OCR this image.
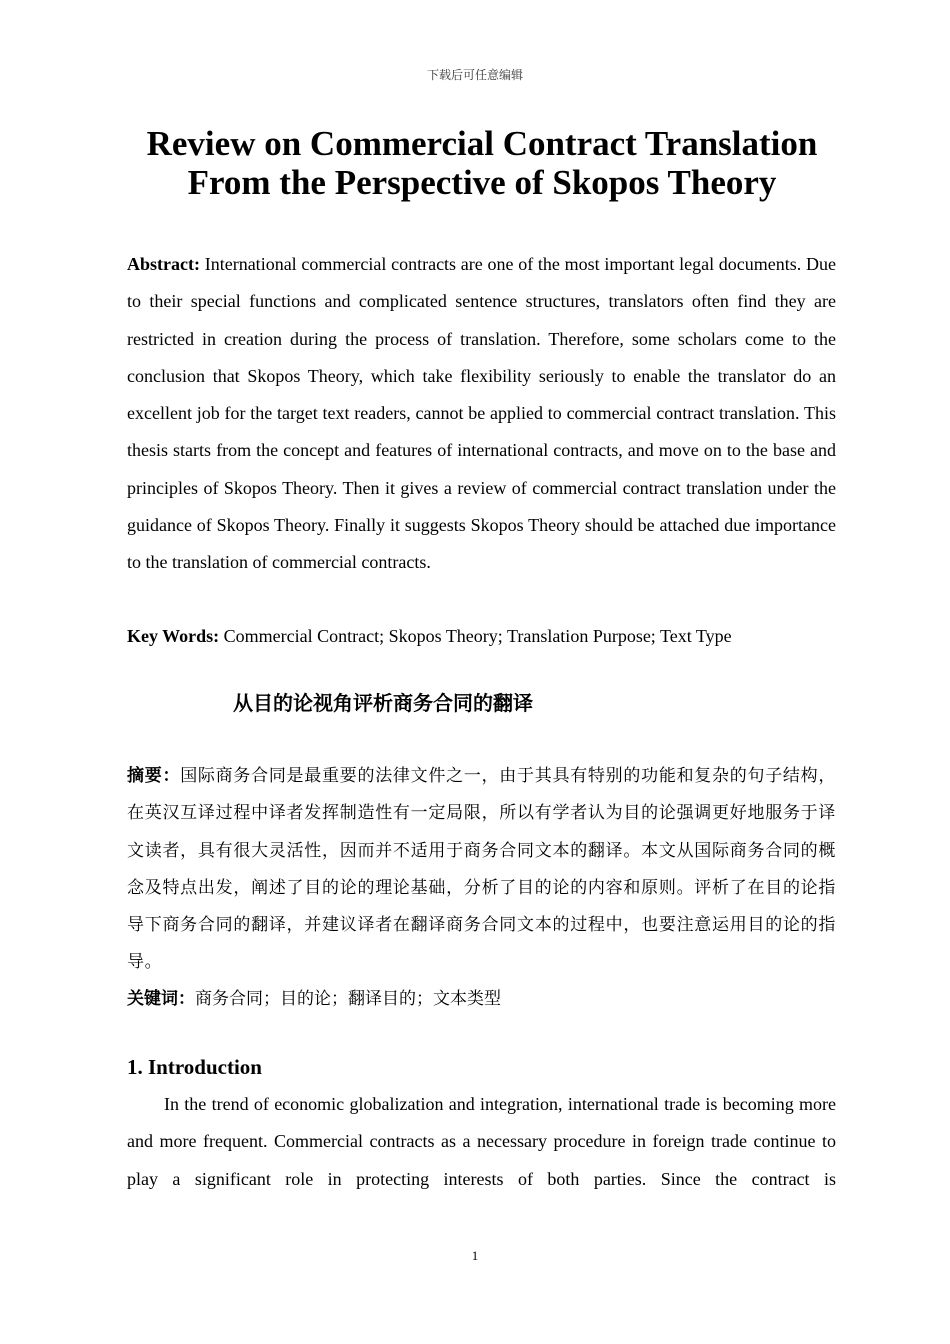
下载后可任意编辑
Review on Commercial Contract Translation
From the Perspective of Skopos Theory
Abstract: International commercial contracts are one of the most important legal documents. Due to their special functions and complicated sentence structures, translators often find they are restricted in creation during the process of translation. Therefore, some scholars come to the conclusion that Skopos Theory, which take flexibility seriously to enable the translator do an excellent job for the target text readers, cannot be applied to commercial contract translation. This thesis starts from the concept and features of international contracts, and move on to the base and principles of Skopos Theory. Then it gives a review of commercial contract translation under the guidance of Skopos Theory. Finally it suggests Skopos Theory should be attached due importance to the translation of commercial contracts.
Key Words: Commercial Contract; Skopos Theory; Translation Purpose; Text Type
从目的论视角评析商务合同的翻译
摘要：国际商务合同是最重要的法律文件之一，由于其具有特别的功能和复杂的句子结构，在英汉互译过程中译者发挥制造性有一定局限，所以有学者认为目的论强调更好地服务于译文读者，具有很大灵活性，因而并不适用于商务合同文本的翻译。本文从国际商务合同的概念及特点出发，阐述了目的论的理论基础，分析了目的论的内容和原则。评析了在目的论指导下商务合同的翻译，并建议译者在翻译商务合同文本的过程中，也要注意运用目的论的指导。
关键词：商务合同；目的论；翻译目的；文本类型
1. Introduction
In the trend of economic globalization and integration, international trade is becoming more and more frequent. Commercial contracts as a necessary procedure in foreign trade continue to play a significant role in protecting interests of both parties. Since the contract is
1
